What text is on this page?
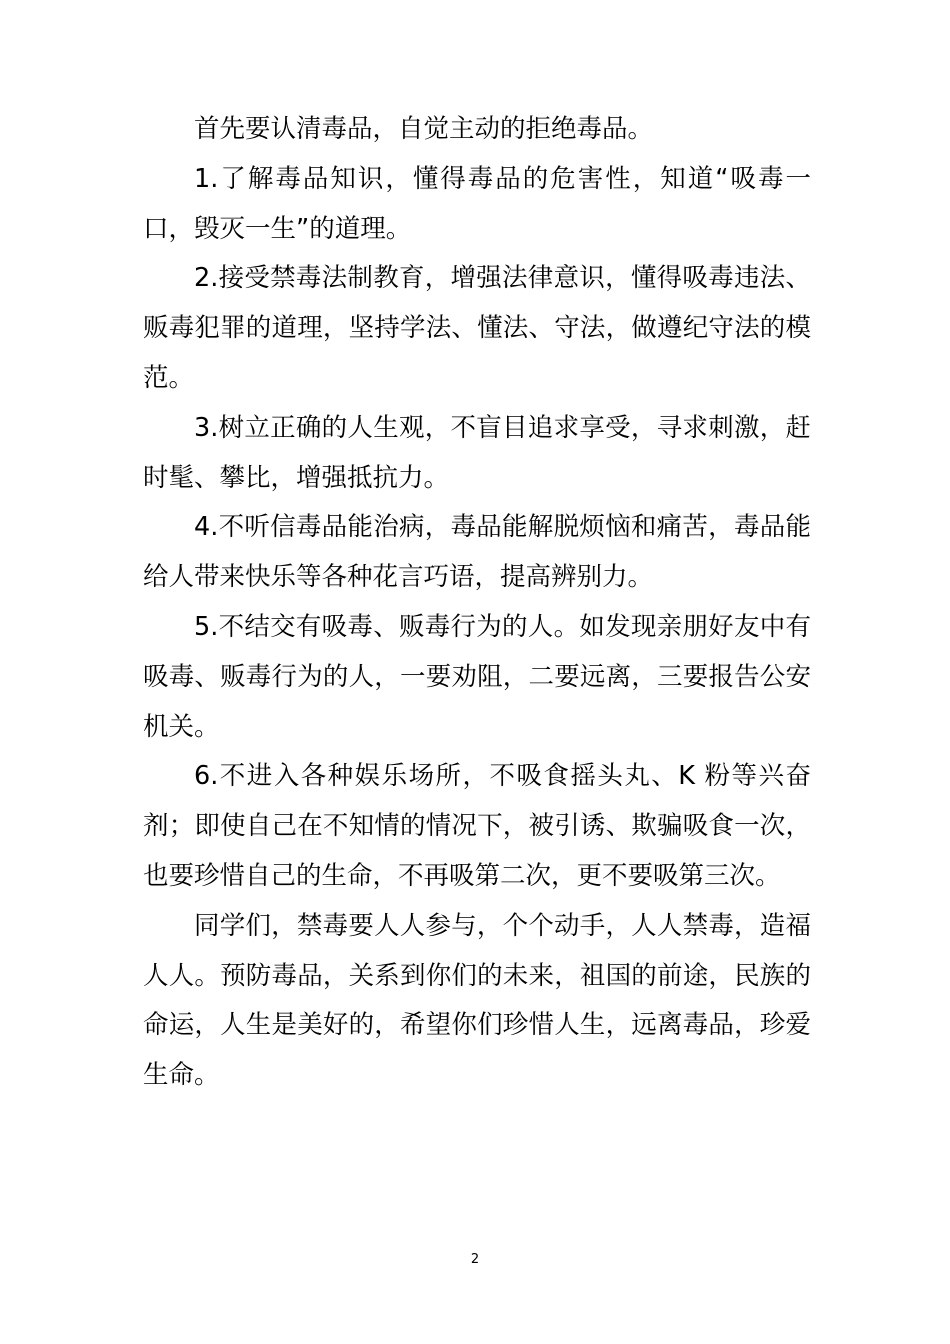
首先要认清毒品，自觉主动的拒绝毒品。

1.了解毒品知识，懂得毒品的危害性，知道“吸毒一口，毁灭一生”的道理。

2.接受禁毒法制教育，增强法律意识，懂得吸毒违法、贩毒犯罪的道理，坚持学法、懂法、守法，做遵纪守法的模范。

3.树立正确的人生观，不盲目追求享受，寻求刺激，赶时髦、攀比，增强抵抗力。

4.不听信毒品能治病，毒品能解脱烦恼和痛苦，毒品能给人带来快乐等各种花言巧语，提高辨别力。

5.不结交有吸毒、贩毒行为的人。如发现亲朋好友中有吸毒、贩毒行为的人，一要劝阻，二要远离，三要报告公安机关。

6.不进入各种娱乐场所，不吸食摇头丸、K 粉等兴奋剂；即使自己在不知情的情况下，被引诱、欺骗吸食一次，也要珍惜自己的生命，不再吸第二次，更不要吸第三次。

同学们，禁毒要人人参与，个个动手，人人禁毒，造福人人。预防毒品，关系到你们的未来，祖国的前途，民族的命运，人生是美好的，希望你们珍惜人生，远离毒品，珍爱生命。

2
